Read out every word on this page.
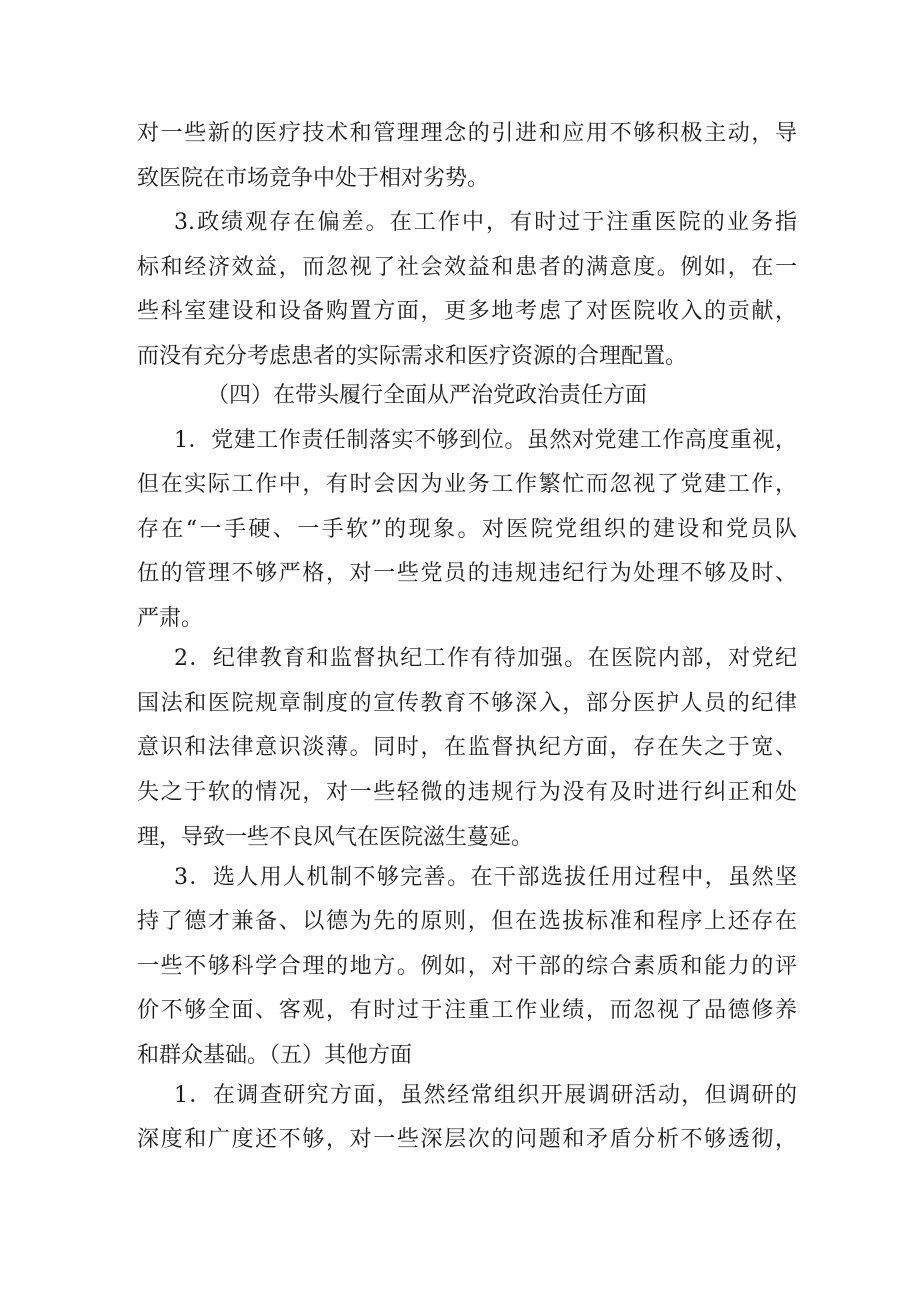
对一些新的医疗技术和管理理念的引进和应用不够积极主动，导
致医院在市场竞争中处于相对劣势。
3.政绩观存在偏差。在工作中，有时过于注重医院的业务指
标和经济效益，而忽视了社会效益和患者的满意度。例如，在一
些科室建设和设备购置方面，更多地考虑了对医院收入的贡献，
而没有充分考虑患者的实际需求和医疗资源的合理配置。
（四）在带头履行全面从严治党政治责任方面
1．党建工作责任制落实不够到位。虽然对党建工作高度重视，
但在实际工作中，有时会因为业务工作繁忙而忽视了党建工作，
存在“一手硬、一手软”的现象。对医院党组织的建设和党员队
伍的管理不够严格，对一些党员的违规违纪行为处理不够及时、
严肃。
2．纪律教育和监督执纪工作有待加强。在医院内部，对党纪
国法和医院规章制度的宣传教育不够深入，部分医护人员的纪律
意识和法律意识淡薄。同时，在监督执纪方面，存在失之于宽、
失之于软的情况，对一些轻微的违规行为没有及时进行纠正和处
理，导致一些不良风气在医院滋生蔓延。
3．选人用人机制不够完善。在干部选拔任用过程中，虽然坚
持了德才兼备、以德为先的原则，但在选拔标准和程序上还存在
一些不够科学合理的地方。例如，对干部的综合素质和能力的评
价不够全面、客观，有时过于注重工作业绩，而忽视了品德修养
和群众基础。（五）其他方面
1．在调查研究方面，虽然经常组织开展调研活动，但调研的
深度和广度还不够，对一些深层次的问题和矛盾分析不够透彻，
